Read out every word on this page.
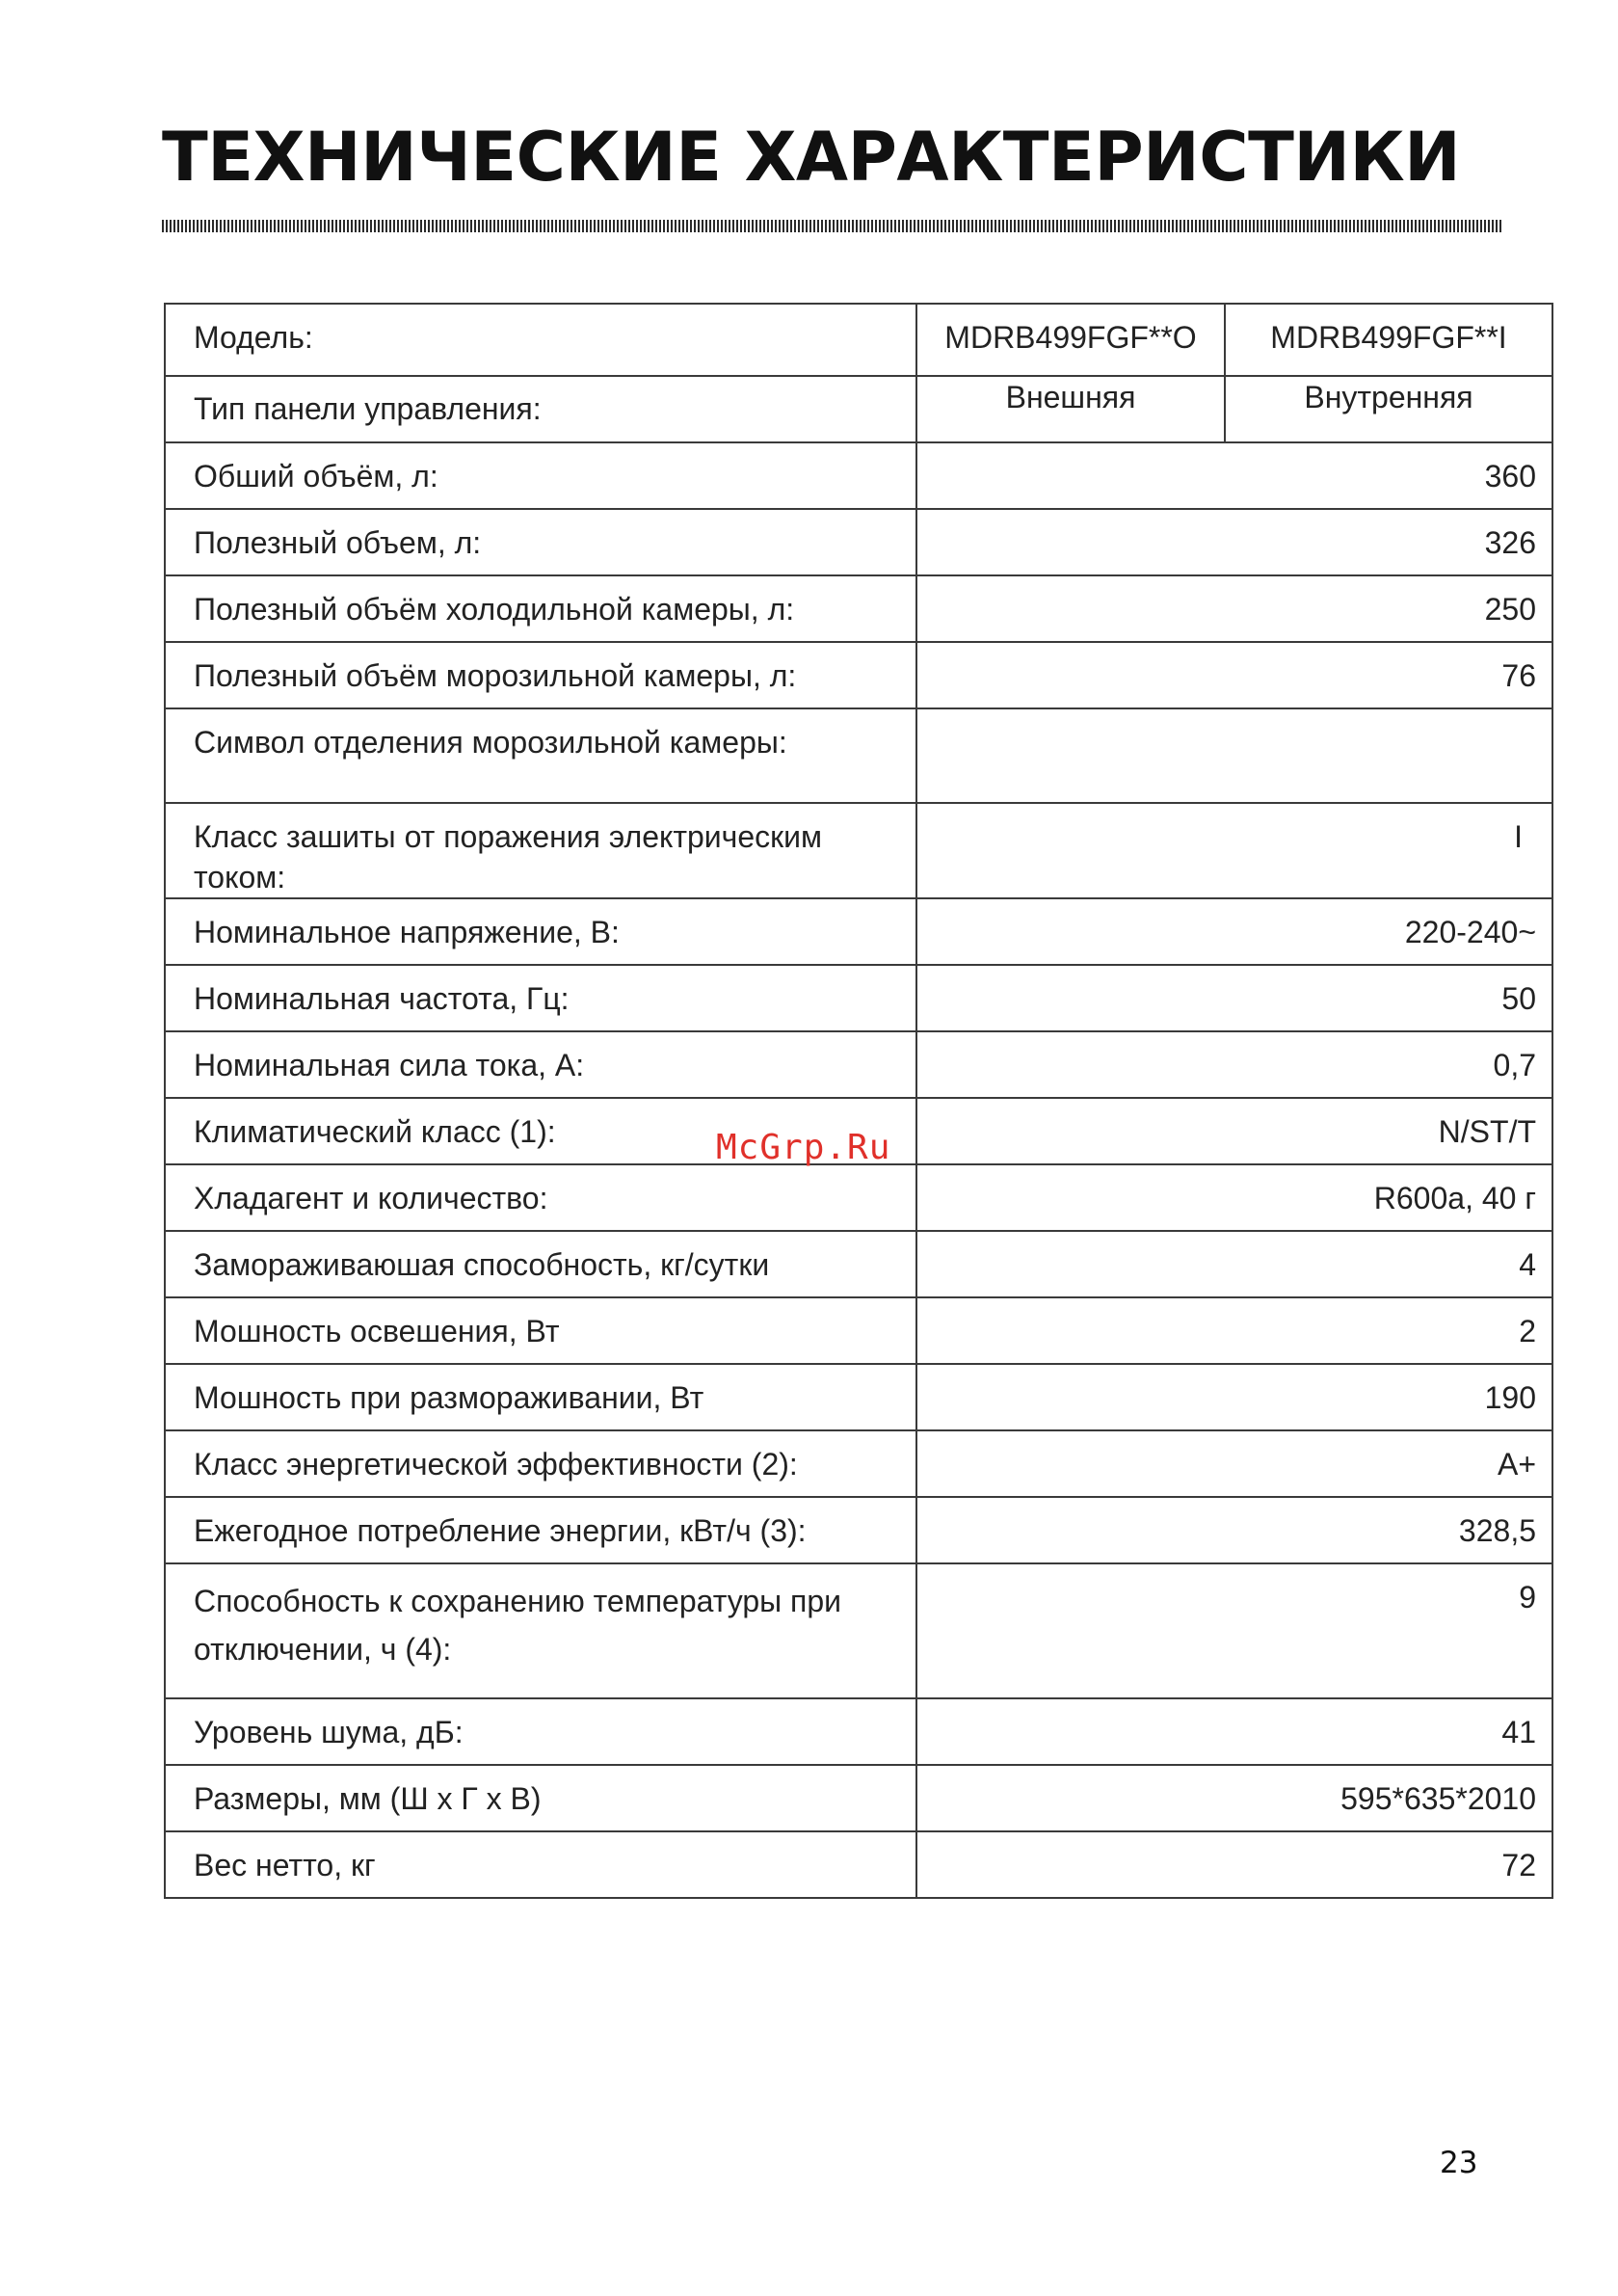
ТЕХНИЧЕСКИЕ ХАРАКТЕРИСТИКИ
Модель:		MDRB499FGF**O	MDRB499FGF**I
Тип панели управления:		Внешняя	Внутренняя
Обший объём, л:		360	
Полезный объем, л:		326	
Полезный объём холодильной камеры, л:		250	
Полезный объём морозильной камеры, л:		76	
Символ отделения морозильной камеры:			
Класс зашиты от поражения электрическим током:		I	
Номинальное напряжение, В:		220-240~	
Номинальная частота, Гц:		50	
Номинальная сила тока, А:		0,7	
Климатический класс (1):		N/ST/T	
Хладагент и количество:		R600a, 40 г	
Замораживаюшая способность, кг/сутки		4	
Мошность освешения, Вт		2	
Мошность при размораживании, Вт		190	
Класс энергетической эффективности (2):		A+	
Ежегодное потребление энергии, кВт/ч (3):		328,5	
Способность к сохранению температуры при отключении, ч (4):		9	
Уровень шума, дБ:		41	
Размеры, мм (Ш х Г х В)		595*635*2010	
Вес нетто, кг		72	
McGrp.Ru
23
